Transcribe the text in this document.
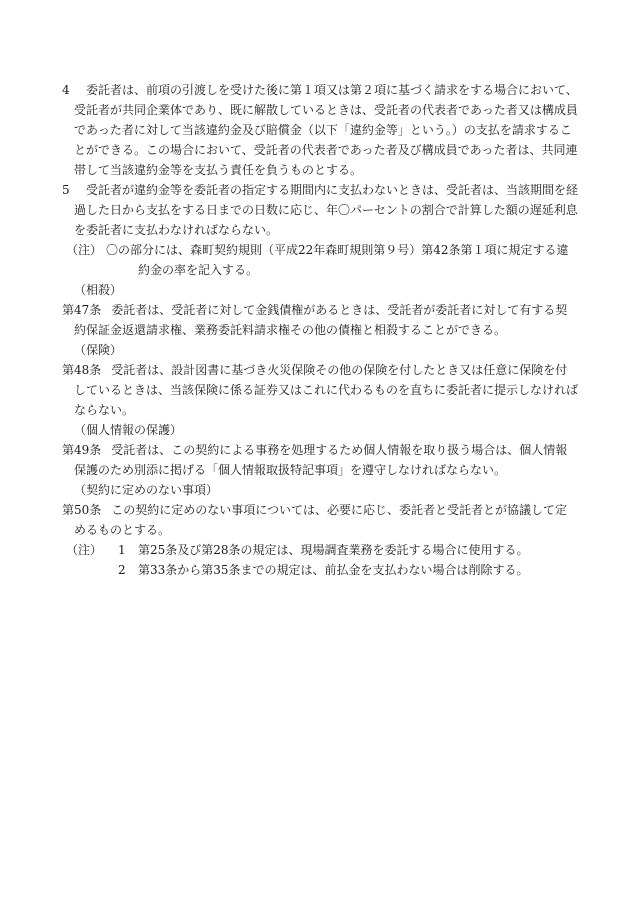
4 委託者は、前項の引渡しを受けた後に第１項又は第２項に基づく請求をする場合において、受託者が共同企業体であり、既に解散しているときは、受託者の代表者であった者又は構成員であった者に対して当該違約金及び賠償金（以下「違約金等」という。）の支払を請求することができる。この場合において、受託者の代表者であった者及び構成員であった者は、共同連帯して当該違約金等を支払う責任を負うものとする。

5 受託者が違約金等を委託者の指定する期間内に支払わないときは、受託者は、当該期間を経過した日から支払をする日までの日数に応じ、年〇パーセントの割合で計算した額の遅延利息を委託者に支払わなければならない。

（注） 〇の部分には、森町契約規則（平成22年森町規則第９号）第42条第１項に規定する違約金の率を記入する。

（相殺）

第47条 委託者は、受託者に対して金銭債権があるときは、受託者が委託者に対して有する契約保証金返還請求権、業務委託料請求権その他の債権と相殺することができる。

（保険）

第48条 受託者は、設計図書に基づき火災保険その他の保険を付したとき又は任意に保険を付しているときは、当該保険に係る証券又はこれに代わるものを直ちに委託者に提示しなければならない。

（個人情報の保護）

第49条 受託者は、この契約による事務を処理するため個人情報を取り扱う場合は、個人情報保護のため別添に掲げる「個人情報取扱特記事項」を遵守しなければならない。

（契約に定めのない事項）

第50条 この契約に定めのない事項については、必要に応じ、委託者と受託者とが協議して定めるものとする。

（注）	1	第25条及び第28条の規定は、現場調査業務を委託する場合に使用する。
2	第33条から第35条までの規定は、前払金を支払わない場合は削除する。
